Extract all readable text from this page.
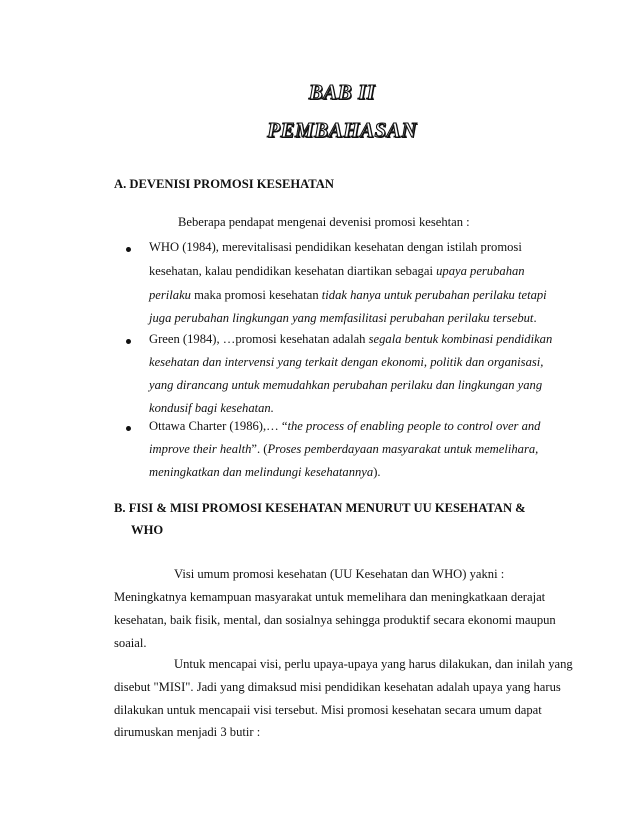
BAB II
PEMBAHASAN
A. DEVENISI PROMOSI KESEHATAN
Beberapa pendapat mengenai devenisi promosi kesehtan :
WHO (1984), merevitalisasi pendidikan kesehatan dengan istilah promosi
kesehatan, kalau pendidikan kesehatan diartikan sebagai upaya perubahan
perilaku maka promosi kesehatan tidak hanya untuk perubahan perilaku tetapi
juga perubahan lingkungan yang memfasilitasi perubahan perilaku tersebut.
Green (1984), …promosi kesehatan adalah segala bentuk kombinasi pendidikan
kesehatan dan intervensi yang terkait dengan ekonomi, politik dan organisasi,
yang dirancang untuk memudahkan perubahan perilaku dan lingkungan yang
kondusif bagi kesehatan.
Ottawa Charter (1986),… “the process of enabling people to control over and
improve their health”. (Proses pemberdayaan masyarakat untuk memelihara,
meningkatkan dan melindungi kesehatannya).
B. FISI & MISI PROMOSI KESEHATAN MENURUT UU KESEHATAN &
WHO
Visi umum promosi kesehatan (UU Kesehatan dan WHO) yakni :
Meningkatnya kemampuan masyarakat untuk memelihara dan meningkatkaan derajat
kesehatan, baik fisik, mental, dan sosialnya sehingga produktif secara ekonomi maupun
soaial.
Untuk mencapai visi, perlu upaya-upaya yang harus dilakukan, dan inilah yang
disebut "MISI". Jadi yang dimaksud misi pendidikan kesehatan adalah upaya yang harus
dilakukan untuk mencapaii visi tersebut. Misi promosi kesehatan secara umum dapat
dirumuskan menjadi 3 butir :
